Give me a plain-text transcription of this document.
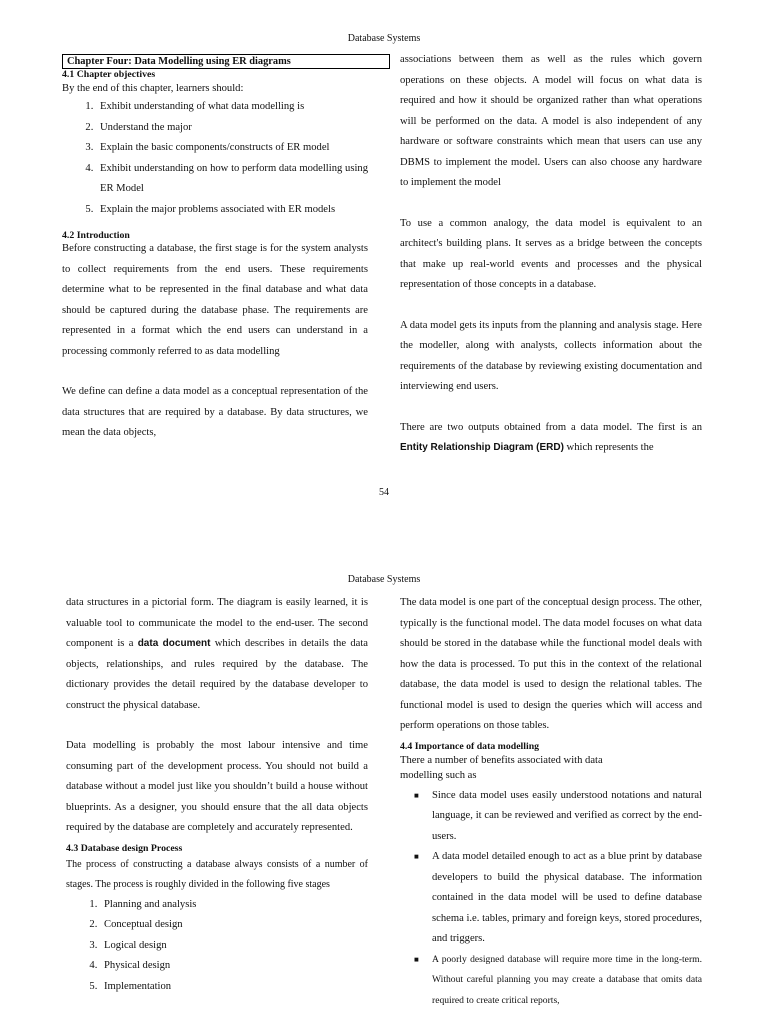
Database Systems
Chapter Four: Data Modelling using ER diagrams
4.1 Chapter objectives

By the end of this chapter, learners should:

1. Exhibit understanding of what data modelling is
2. Understand the major
3. Explain the basic components/constructs of ER model
4. Exhibit understanding on how to perform data modelling using ER Model
5. Explain the major problems associated with ER models
4.2 Introduction

Before constructing a database, the first stage is for the system analysts to collect requirements from the end users. These requirements determine what to be represented in the final database and what data should be captured during the database phase. The requirements are represented in a format which the end users can understand in a processing commonly referred to as data modelling

We define can define a data model as a conceptual representation of the data structures that are required by a database. By data structures, we mean the data objects,

associations between them as well as the rules which govern operations on these objects. A model will focus on what data is required and how it should be organized rather than what operations will be performed on the data. A model is also independent of any hardware or software constraints which mean that users can use any DBMS to implement the model. Users can also choose any hardware to implement the model

To use a common analogy, the data model is equivalent to an architect's building plans. It serves as a bridge between the concepts that make up real-world events and processes and the physical representation of those concepts in a database.

A data model gets its inputs from the planning and analysis stage. Here the modeller, along with analysts, collects information about the requirements of the database by reviewing existing documentation and interviewing end users.

There are two outputs obtained from a data model. The first is an Entity Relationship Diagram (ERD) which represents the

54
Database Systems

data structures in a pictorial form. The diagram is easily learned, it is valuable tool to communicate the model to the end-user. The second component is a data document which describes in details the data objects, relationships, and rules required by the database. The dictionary provides the detail required by the database developer to construct the physical database.

Data modelling is probably the most labour intensive and time consuming part of the development process. You should not build a database without a model just like you shouldn’t build a house without blueprints. As a designer, you should ensure that the all data objects required by the database are completely and accurately represented.

4.3 Database design Process

The process of constructing a database always consists of a number of stages. The process is roughly divided in the following five stages

1. Planning and analysis
2. Conceptual design
3. Logical design
4. Physical design
5. Implementation

The data model is one part of the conceptual design process. The other, typically is the functional model. The data model focuses on what data should be stored in the database while the functional model deals with how the data is processed. To put this in the context of the relational database, the data model is used to design the relational tables. The functional model is used to design the queries which will access and perform operations on those tables.

4.4 Importance of data modelling

There a number of benefits associated with data modelling such as

■ Since data model uses easily understood notations and natural language, it can be reviewed and verified as correct by the end-users.
■ A data model detailed enough to act as a blue print by database developers to build the physical database. The information contained in the data model will be used to define database schema i.e. tables, primary and foreign keys, stored procedures, and triggers.
■ A poorly designed database will require more time in the long-term. Without careful planning you may create a database that omits data required to create critical reports,
